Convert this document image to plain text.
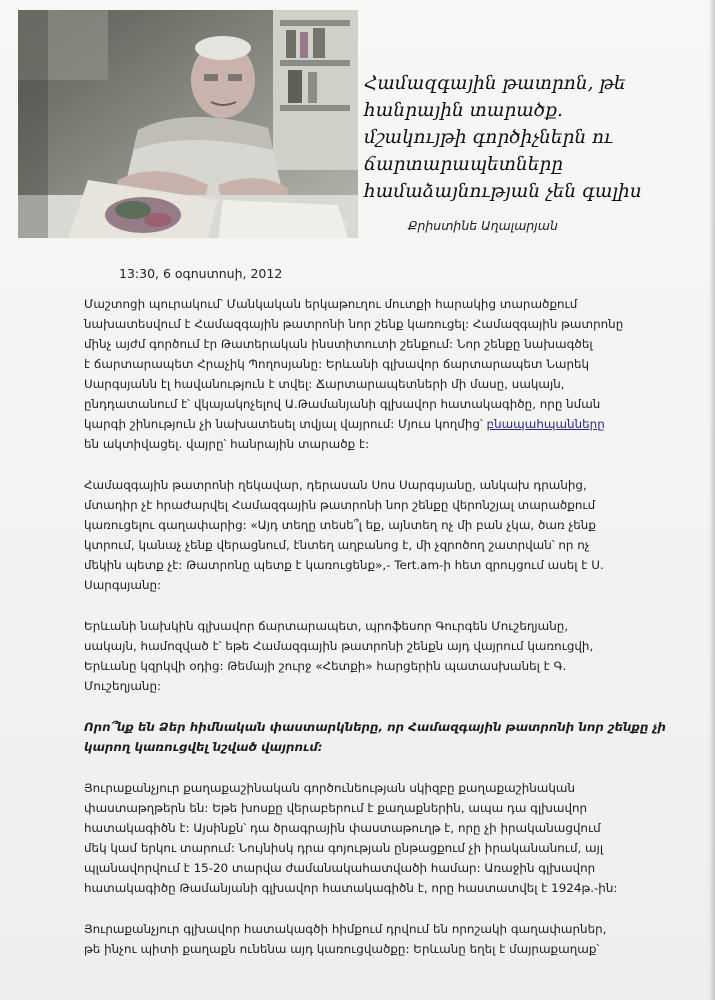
hetq.am
Համազգային թատրոն, թե
հանրային տարածք.
մշակույթի գործիչներն ու
ճարտարապետները
համաձայնության չեն գալիս
Քրիստինե Աղալարյան
13:30, 6 օգոստոսի, 2012

Մաշտոցի պուրակում՝ Մանկական երկաթուղու մուտքի հարակից տարածքում
նախատեսվում է Համազգային թատրոնի նոր շենք կառուցել: Համազգային թատրոնը
մինչ այժմ գործում էր Թատերական ինստիտուտի շենքում: Նոր շենքը նախագծել
է ճարտարապետ Հրաչիկ Պողոսյանը: Երևանի գլխավոր ճարտարապետ Նարեկ
Սարգսյանն էլ հավանություն է տվել: Ճարտարապետների մի մասը, սակայն,
ընդդատանում է՝ վկայակոչելով Ա.Թամանյանի գլխավոր հատակագիծը, որը նման
կարգի շինություն չի նախատեսել տվյալ վայրում: Մյուս կողմից՝ բնապահպանները
են ակտիվացել. վայրը՝ հանրային տարածք է:

Համազգային թատրոնի ղեկավար, դերասան Սոս Սարգսյանը, անկախ դրանից,
մտադիր չէ հրաժարվել Համազգային թատրոնի նոր շենքը վերոնշյալ տարածքում
կառուցելու գաղափարից: «Այդ տեղը տեսե՞լ եք, այնտեղ ոչ մի բան չկա, ծառ չենք
կտրում, կանաչ չենք վերացնում, էնտեղ աղբանոց է, մի չզրոծող շատրվան՝ որ ոչ
մեկին պետք չէ: Թատրոնը պետք է կառուցենք»,- Tert.am-ի հետ զրույցում ասել է Ս.
Սարգսյանը:

Երևանի նախկին գլխավոր ճարտարապետ, պրոֆեսոր Գուրգեն Մուշեղյանը,
սակայն, համոզված է՝ եթե Համազգային թատրոնի շենքն այդ վայրում կառուցվի,
Երևանը կզրկվի օդից: Թեմայի շուրջ «Հետքի» հարցերին պատասխանել է Գ.
Մուշեղյանը:

Որո՞նք են Ձեր հիմնական փաստարկները, որ Համազգային թատրոնի նոր շենքը չի
կարող կառուցվել նշված վայրում:

Յուրաքանչյուր քաղաքաշինական գործունեության սկիզբը քաղաքաշինական
փաստաթղթերն են: Եթե խոսքը վերաբերում է քաղաքներին, ապա դա գլխավոր
հատակագիծն է: Այսինքն՝ դա ծրագրային փաստաթուղթ է, որը չի իրականացվում
մեկ կամ երկու տարում: Նույնիսկ դրա գոյության ընթացքում չի իրականանում, այլ
պլանավորվում է 15-20 տարվա ժամանակահատվածի համար: Առաջին գլխավոր
հատակագիծը Թամանյանի գլխավոր հատակագիծն է, որը հաստատվել է 1924թ.-ին:

Յուրաքանչյուր գլխավոր հատակագծի հիմքում դրվում են որոշակի գաղափարներ,
թե ինչու պիտի քաղաքն ունենա այդ կառուցվածքը: Երևանը եղել է մայրաքաղաք՝
